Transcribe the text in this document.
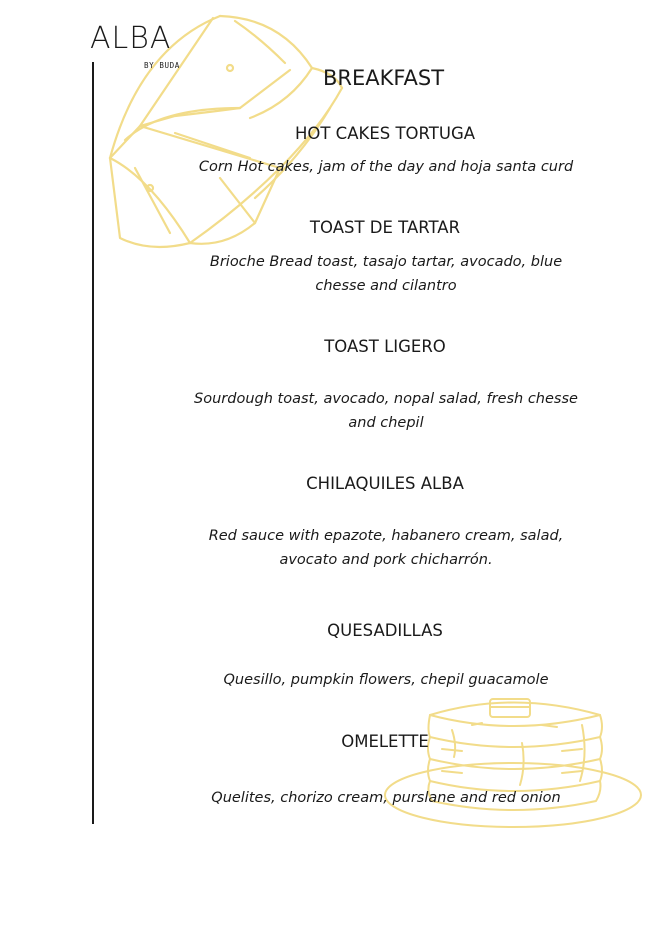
ALBA
BY BUDA
BREAKFAST
HOT CAKES TORTUGA
Corn Hot cakes, jam of the day and hoja santa curd
TOAST DE TARTAR
Brioche Bread toast, tasajo tartar, avocado, blue chesse and cilantro
TOAST LIGERO
Sourdough toast, avocado, nopal salad, fresh chesse and chepil
CHILAQUILES ALBA
Red sauce with epazote, habanero cream, salad, avocato and pork chicharrón.
QUESADILLAS
Quesillo, pumpkin flowers, chepil guacamole
OMELETTE
Quelites, chorizo cream, purslane and red onion
